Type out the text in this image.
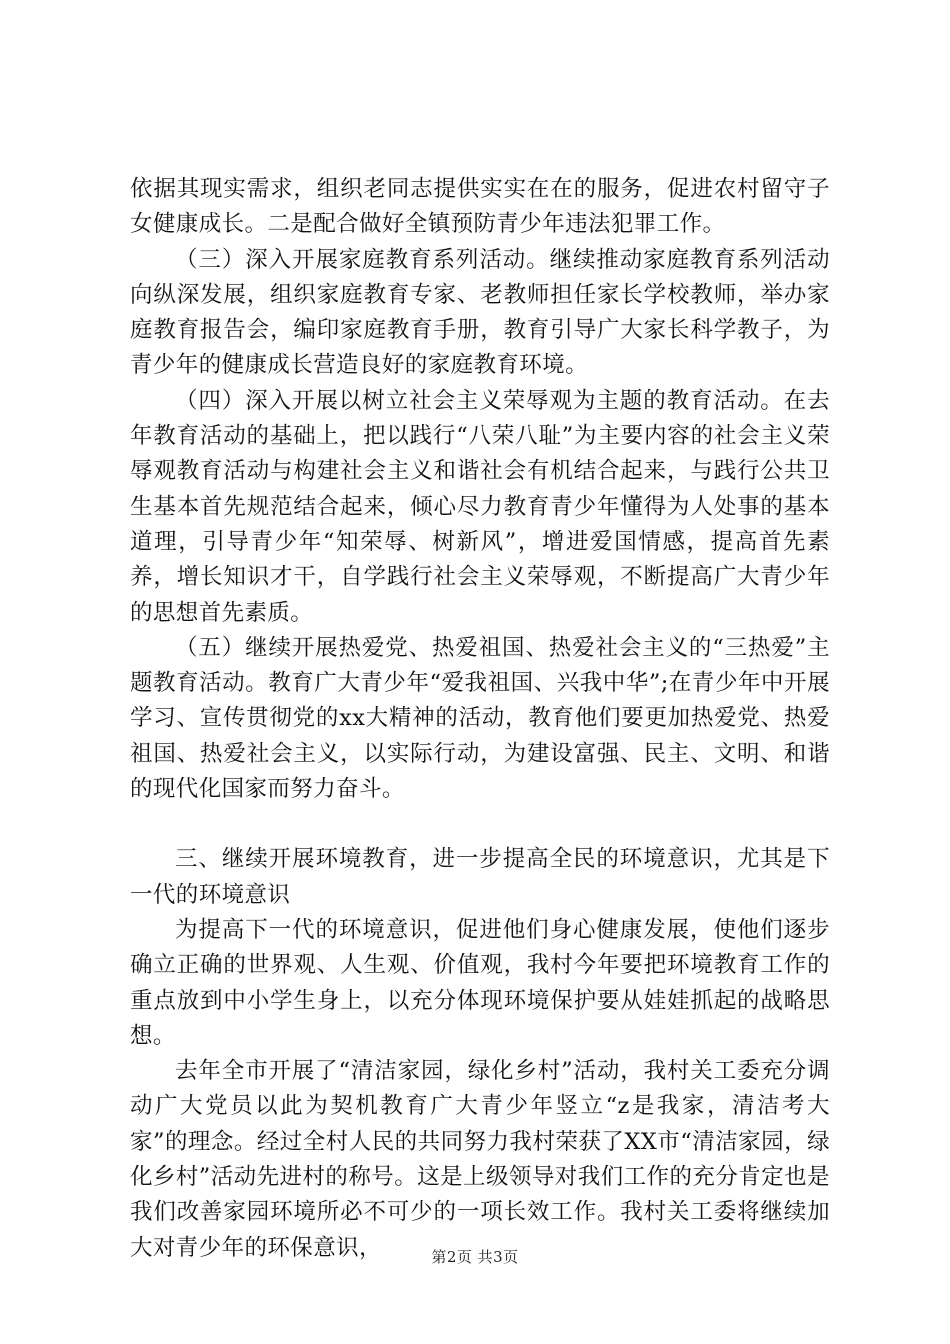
依据其现实需求，组织老同志提供实实在在的服务，促进农村留守子女健康成长。二是配合做好全镇预防青少年违法犯罪工作。

（三）深入开展家庭教育系列活动。继续推动家庭教育系列活动向纵深发展，组织家庭教育专家、老教师担任家长学校教师，举办家庭教育报告会，编印家庭教育手册，教育引导广大家长科学教子，为青少年的健康成长营造良好的家庭教育环境。

（四）深入开展以树立社会主义荣辱观为主题的教育活动。在去年教育活动的基础上，把以践行“八荣八耻”为主要内容的社会主义荣辱观教育活动与构建社会主义和谐社会有机结合起来，与践行公共卫生基本首先规范结合起来，倾心尽力教育青少年懂得为人处事的基本道理，引导青少年“知荣辱、树新风”，增进爱国情感，提高首先素养，增长知识才干，自学践行社会主义荣辱观，不断提高广大青少年的思想首先素质。

（五）继续开展热爱党、热爱祖国、热爱社会主义的“三热爱”主题教育活动。教育广大青少年“爱我祖国、兴我中华”;在青少年中开展学习、宣传贯彻党的xx大精神的活动，教育他们要更加热爱党、热爱祖国、热爱社会主义，以实际行动，为建设富强、民主、文明、和谐的现代化国家而努力奋斗。

三、继续开展环境教育，进一步提高全民的环境意识，尤其是下一代的环境意识

为提高下一代的环境意识，促进他们身心健康发展，使他们逐步确立正确的世界观、人生观、价值观，我村今年要把环境教育工作的重点放到中小学生身上，以充分体现环境保护要从娃娃抓起的战略思想。

去年全市开展了“清洁家园，绿化乡村”活动，我村关工委充分调动广大党员以此为契机教育广大青少年竖立“z是我家，清洁考大家”的理念。经过全村人民的共同努力我村荣获了XX市“清洁家园，绿化乡村”活动先进村的称号。这是上级领导对我们工作的充分肯定也是我们改善家园环境所必不可少的一项长效工作。我村关工委将继续加大对青少年的环保意识，	第2页 共3页
